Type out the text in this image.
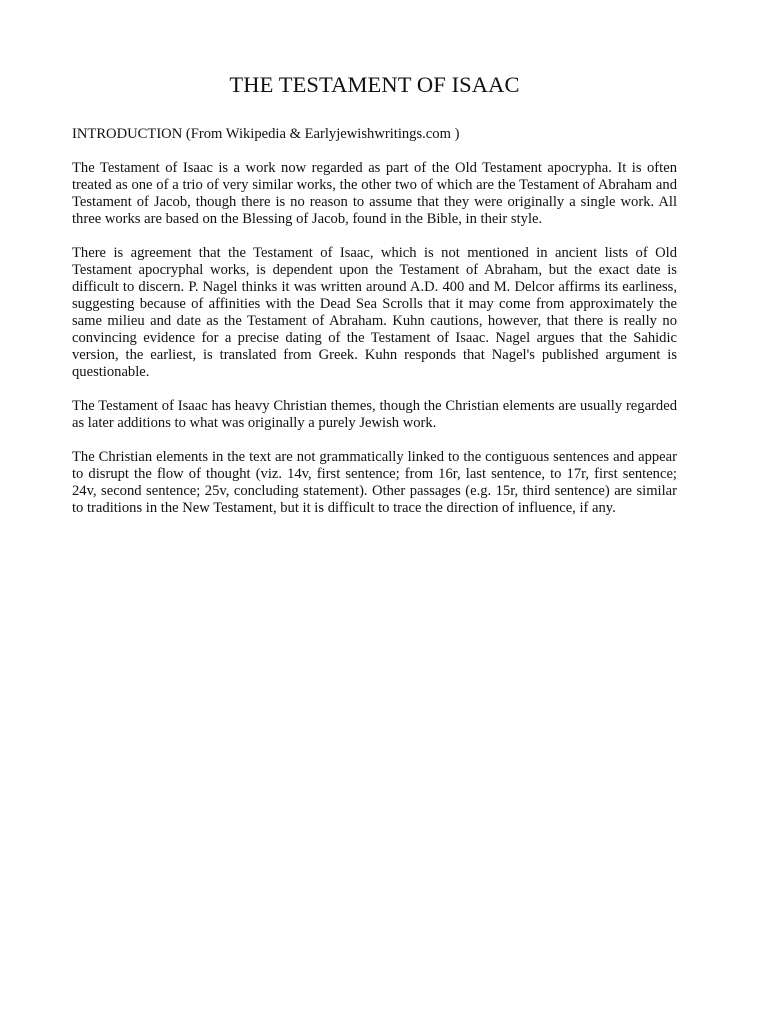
THE TESTAMENT OF ISAAC

INTRODUCTION (From Wikipedia & Earlyjewishwritings.com )

The Testament of Isaac is a work now regarded as part of the Old Testament apocrypha. It is often treated as one of a trio of very similar works, the other two of which are the Testament of Abraham and Testament of Jacob, though there is no reason to assume that they were originally a single work. All three works are based on the Blessing of Jacob, found in the Bible, in their style.

There is agreement that the Testament of Isaac, which is not mentioned in ancient lists of Old Testament apocryphal works, is dependent upon the Testament of Abraham, but the exact date is difficult to discern. P. Nagel thinks it was written around A.D. 400 and M. Delcor affirms its earliness, suggesting because of affinities with the Dead Sea Scrolls that it may come from approximately the same milieu and date as the Testament of Abraham. Kuhn cautions, however, that there is really no convincing evidence for a precise dating of the Testament of Isaac. Nagel argues that the Sahidic version, the earliest, is translated from Greek. Kuhn responds that Nagel's published argument is questionable.

The Testament of Isaac has heavy Christian themes, though the Christian elements are usually regarded as later additions to what was originally a purely Jewish work.

The Christian elements in the text are not grammatically linked to the contiguous sentences and appear to disrupt the flow of thought (viz. 14v, first sentence; from 16r, last sentence, to 17r, first sentence; 24v, second sentence; 25v, concluding statement). Other passages (e.g. 15r, third sentence) are similar to traditions in the New Testament, but it is difficult to trace the direction of influence, if any.
